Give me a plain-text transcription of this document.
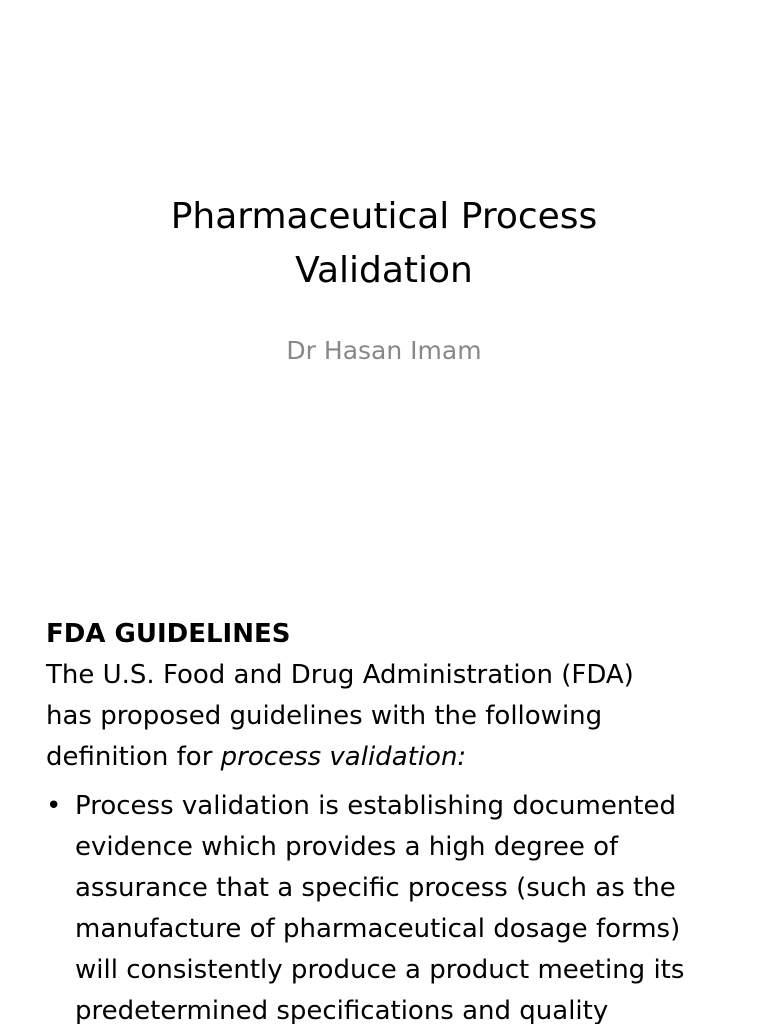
Pharmaceutical Process
Validation
Dr Hasan Imam

FDA GUIDELINES

The U.S. Food and Drug Administration (FDA)
has proposed guidelines with the following
definition for process validation:

• Process validation is establishing documented
evidence which provides a high degree of
assurance that a specific process (such as the
manufacture of pharmaceutical dosage forms)
will consistently produce a product meeting its
predetermined specifications and quality
